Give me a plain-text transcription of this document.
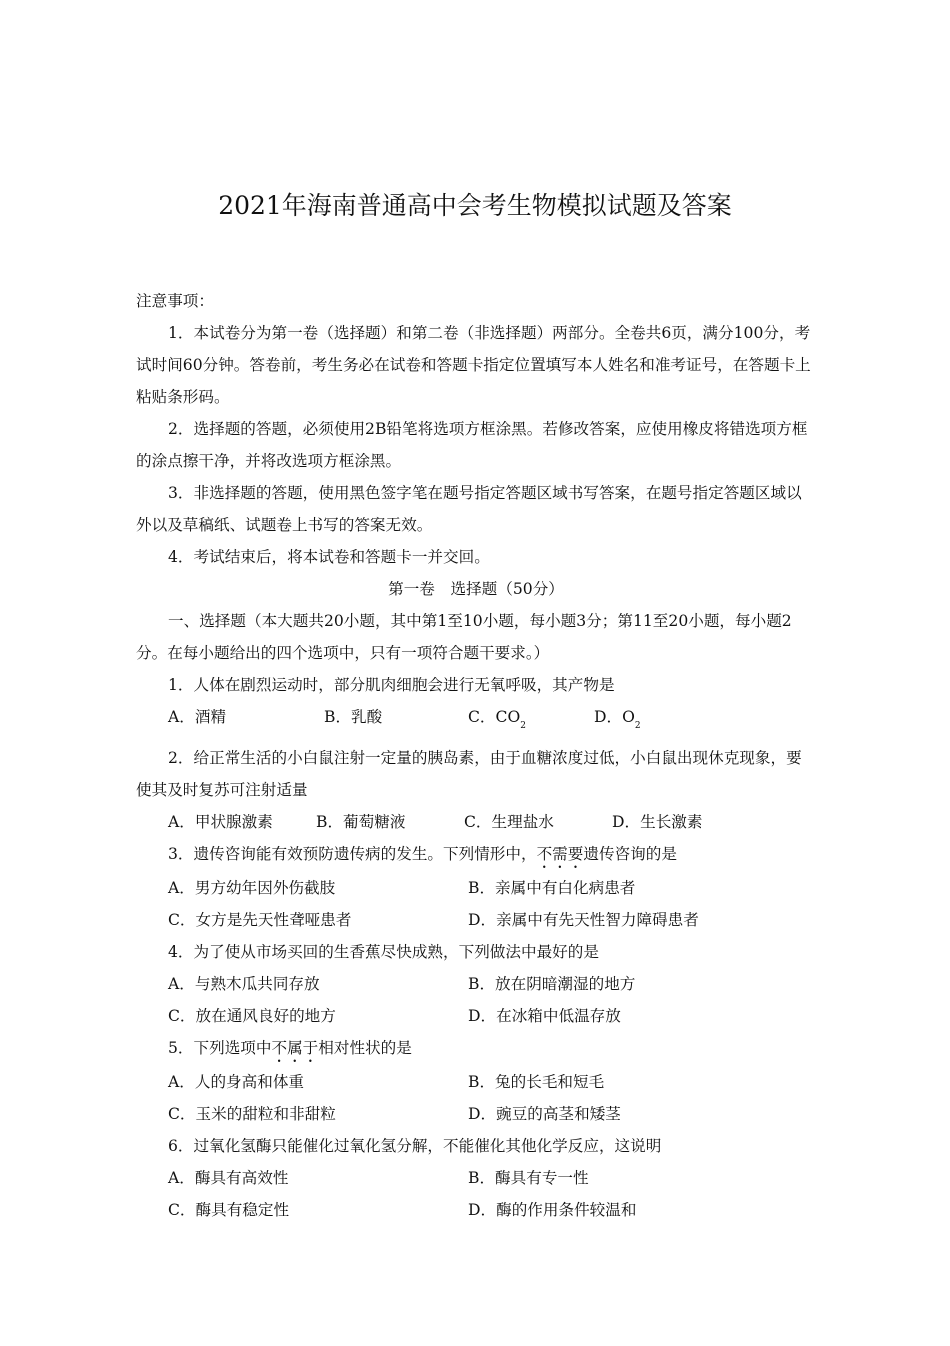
2021年海南普通高中会考生物模拟试题及答案

注意事项：

1．本试卷分为第一卷（选择题）和第二卷（非选择题）两部分。全卷共6页，满分100分，考试时间60分钟。答卷前，考生务必在试卷和答题卡指定位置填写本人姓名和准考证号，在答题卡上粘贴条形码。

2．选择题的答题，必须使用2B铅笔将选项方框涂黑。若修改答案，应使用橡皮将错选项方框的涂点擦干净，并将改选项方框涂黑。

3．非选择题的答题，使用黑色签字笔在题号指定答题区域书写答案，在题号指定答题区域以外以及草稿纸、试题卷上书写的答案无效。

4．考试结束后，将本试卷和答题卡一并交回。

第一卷　选择题（50分）

一、选择题（本大题共20小题，其中第1至10小题，每小题3分；第11至20小题，每小题2分。在每小题给出的四个选项中，只有一项符合题干要求。）

1．人体在剧烈运动时，部分肌肉细胞会进行无氧呼吸，其产物是

A．酒精	B．乳酸	C．$CO_2$	D．$O_2$

2．给正常生活的小白鼠注射一定量的胰岛素，由于血糖浓度过低，小白鼠出现休克现象，要使其及时复苏可注射适量

A．甲状腺激素	B．葡萄糖液	C．生理盐水	D．生长激素

3．遗传咨询能有效预防遗传病的发生。下列情形中，不需要遗传咨询的是

A．男方幼年因外伤截肢	B．亲属中有白化病患者
C．女方是先天性聋哑患者	D．亲属中有先天性智力障碍患者

4．为了使从市场买回的生香蕉尽快成熟，下列做法中最好的是

A．与熟木瓜共同存放	B．放在阴暗潮湿的地方
C．放在通风良好的地方	D．在冰箱中低温存放

5．下列选项中不属于相对性状的是

A．人的身高和体重	B．兔的长毛和短毛
C．玉米的甜粒和非甜粒	D．豌豆的高茎和矮茎

6．过氧化氢酶只能催化过氧化氢分解，不能催化其他化学反应，这说明

A．酶具有高效性	B．酶具有专一性
C．酶具有稳定性	D．酶的作用条件较温和
